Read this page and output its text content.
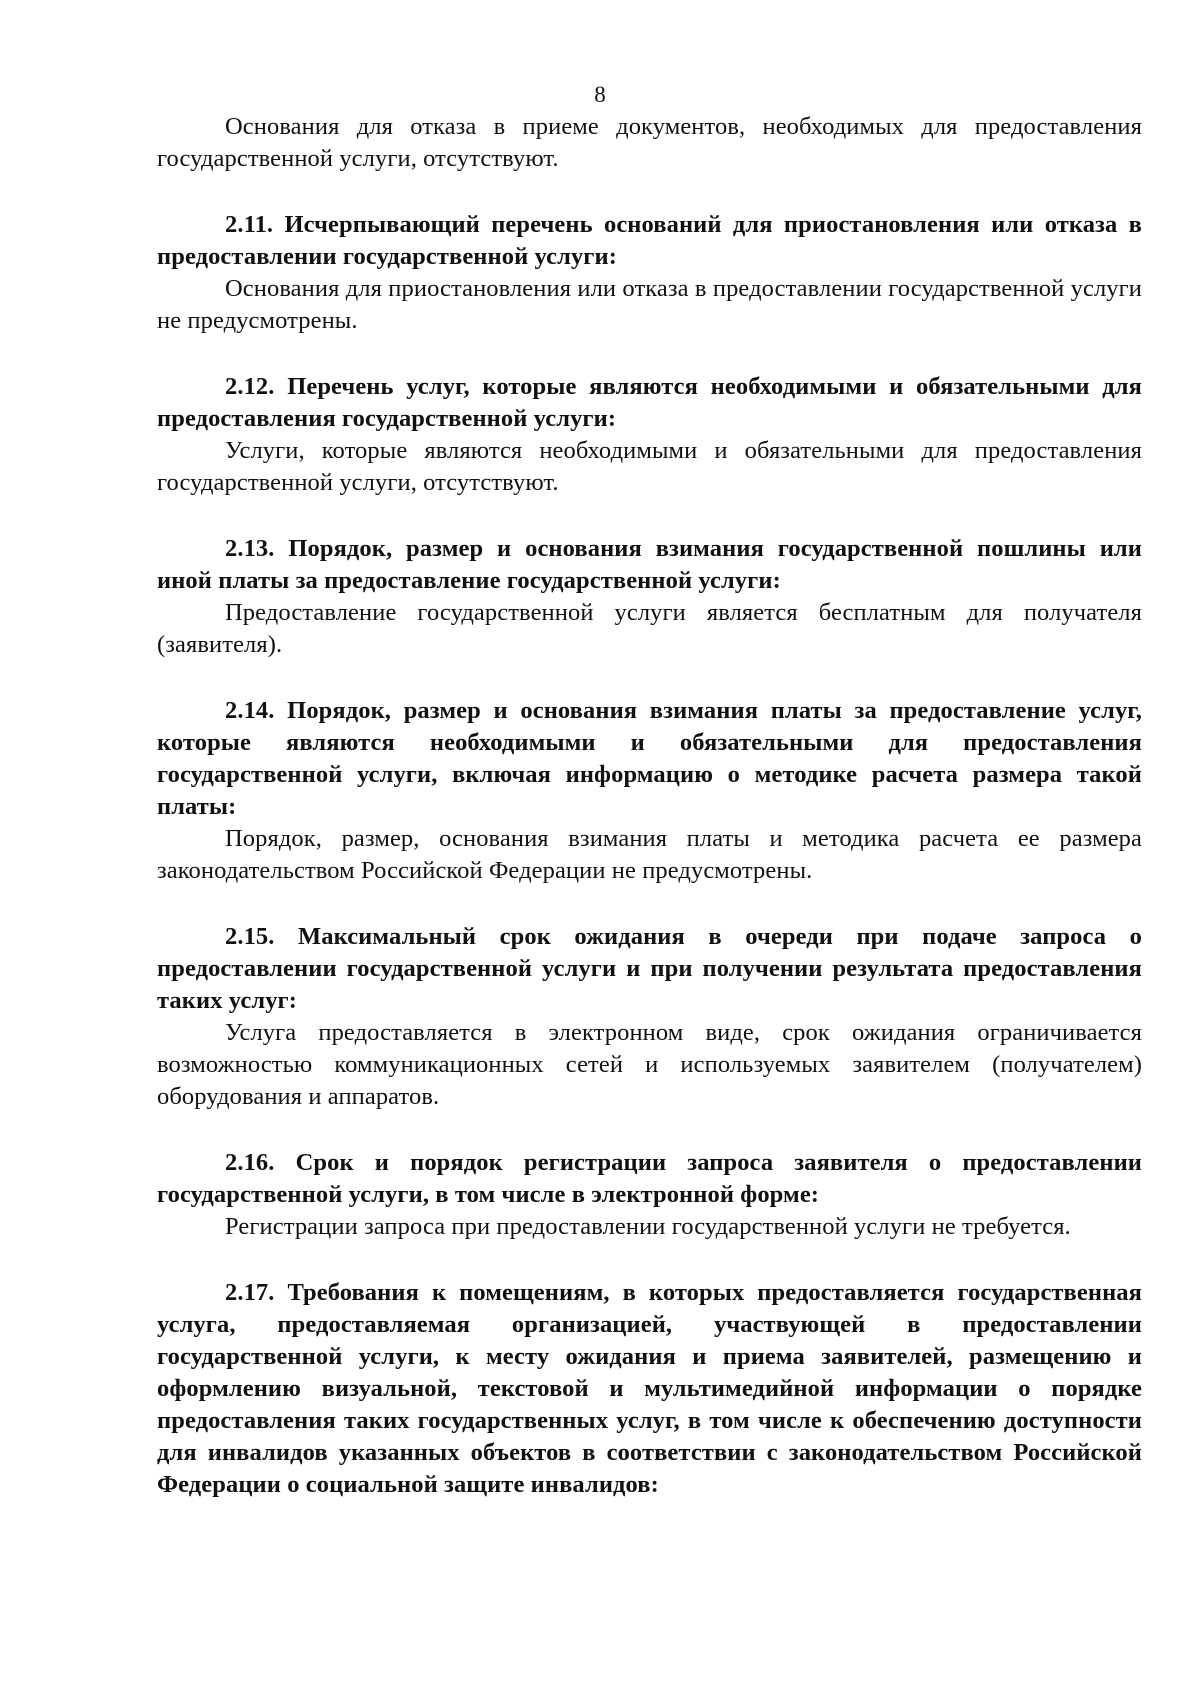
8

Основания для отказа в приеме документов, необходимых для предоставления государственной услуги, отсутствуют.

2.11. Исчерпывающий перечень оснований для приостановления или отказа в предоставлении государственной услуги:

Основания для приостановления или отказа в предоставлении государственной услуги не предусмотрены.

2.12. Перечень услуг, которые являются необходимыми и обязательными для предоставления государственной услуги:

Услуги, которые являются необходимыми и обязательными для предоставления государственной услуги, отсутствуют.

2.13. Порядок, размер и основания взимания государственной пошлины или иной платы за предоставление государственной услуги:

Предоставление государственной услуги является бесплатным для получателя (заявителя).

2.14. Порядок, размер и основания взимания платы за предоставление услуг, которые являются необходимыми и обязательными для предоставления государственной услуги, включая информацию о методике расчета размера такой платы:

Порядок, размер, основания взимания платы и методика расчета ее размера законодательством Российской Федерации не предусмотрены.

2.15. Максимальный срок ожидания в очереди при подаче запроса о предоставлении государственной услуги и при получении результата предоставления таких услуг:

Услуга предоставляется в электронном виде, срок ожидания ограничивается возможностью коммуникационных сетей и используемых заявителем (получателем) оборудования и аппаратов.

2.16. Срок и порядок регистрации запроса заявителя о предоставлении государственной услуги, в том числе в электронной форме:

Регистрации запроса при предоставлении государственной услуги не требуется.

2.17. Требования к помещениям, в которых предоставляется государственная услуга, предоставляемая организацией, участвующей в предоставлении государственной услуги, к месту ожидания и приема заявителей, размещению и оформлению визуальной, текстовой и мультимедийной информации о порядке предоставления таких государственных услуг, в том числе к обеспечению доступности для инвалидов указанных объектов в соответствии с законодательством Российской Федерации о социальной защите инвалидов:
